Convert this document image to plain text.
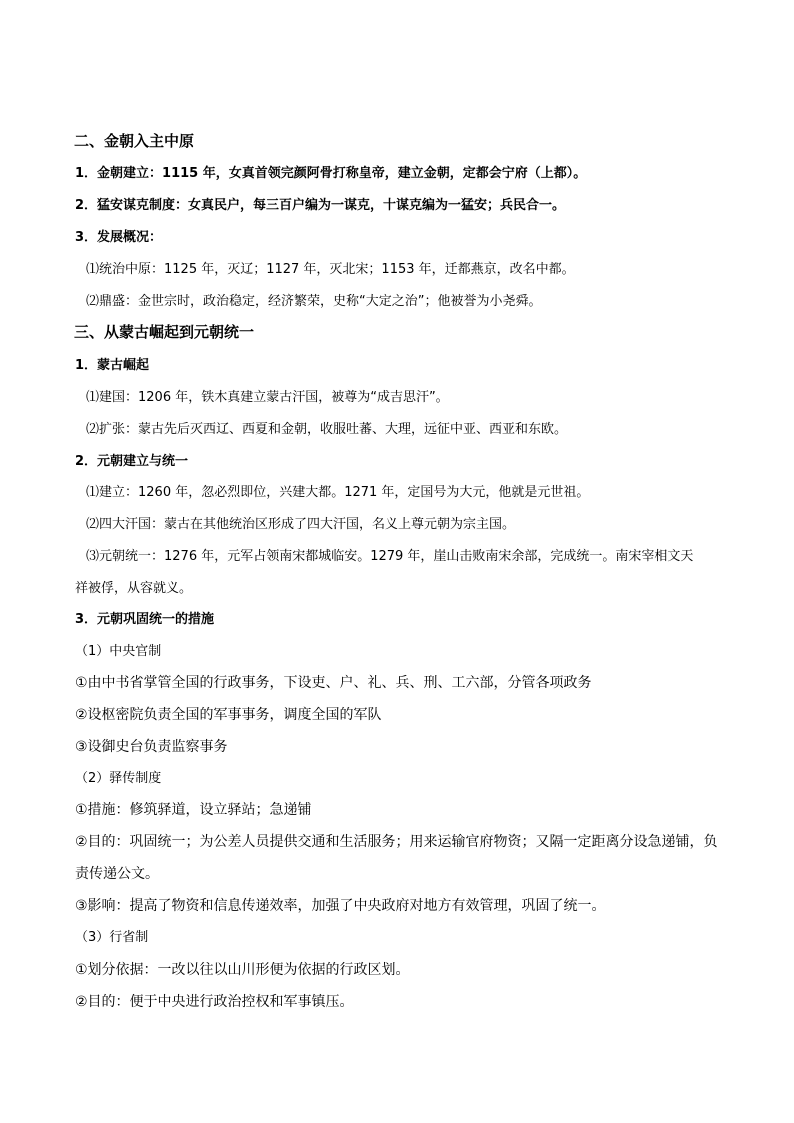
二、金朝入主中原
1．金朝建立：1115 年，女真首领完颜阿骨打称皇帝，建立金朝，定都会宁府（上都）。
2．猛安谋克制度：女真民户，每三百户编为一谋克，十谋克编为一猛安；兵民合一。
3．发展概况：
⑴统治中原：1125 年，灭辽；1127 年，灭北宋；1153 年，迁都燕京，改名中都。
⑵鼎盛：金世宗时，政治稳定，经济繁荣，史称“大定之治”；他被誉为小尧舜。
三、从蒙古崛起到元朝统一
1．蒙古崛起
⑴建国：1206 年，铁木真建立蒙古汗国，被尊为“成吉思汗”。
⑵扩张：蒙古先后灭西辽、西夏和金朝，收服吐蕃、大理，远征中亚、西亚和东欧。
2．元朝建立与统一
⑴建立：1260 年，忽必烈即位，兴建大都。1271 年，定国号为大元，他就是元世祖。
⑵四大汗国：蒙古在其他统治区形成了四大汗国，名义上尊元朝为宗主国。
⑶元朝统一：1276 年，元军占领南宋都城临安。1279 年，崖山击败南宋余部，完成统一。南宋宰相文天
祥被俘，从容就义。
3．元朝巩固统一的措施
（1）中央官制
①由中书省掌管全国的行政事务，下设吏、户、礼、兵、刑、工六部，分管各项政务
②设枢密院负责全国的军事事务，调度全国的军队
③设御史台负责监察事务
（2）驿传制度
①措施：修筑驿道，设立驿站；急递铺
②目的：巩固统一；为公差人员提供交通和生活服务；用来运输官府物资；又隔一定距离分设急递铺，负
责传递公文。
③影响：提高了物资和信息传递效率，加强了中央政府对地方有效管理，巩固了统一。
（3）行省制
①划分依据：一改以往以山川形便为依据的行政区划。
②目的：便于中央进行政治控权和军事镇压。
